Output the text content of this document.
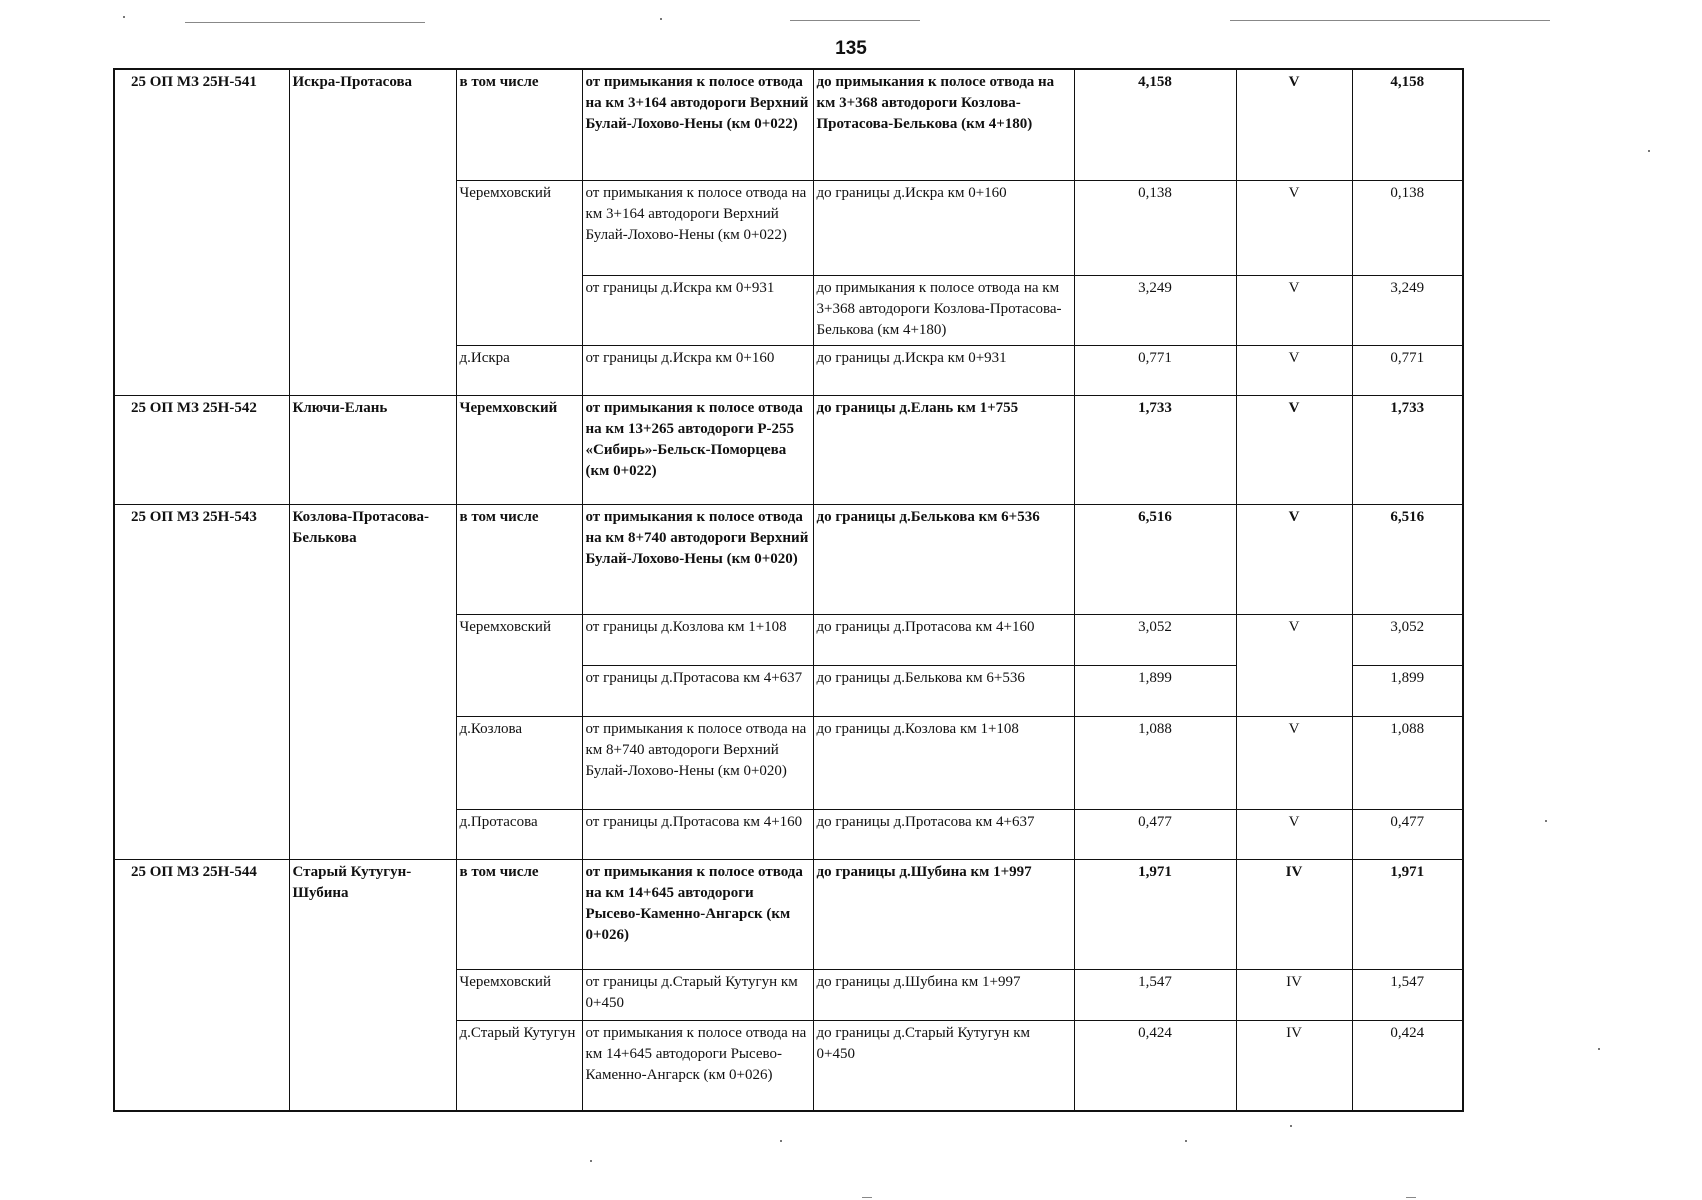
135
25 ОП МЗ 25Н-541	Искра-Протасова	в том числе	от примыкания к полосе отвода на км 3+164 автодороги Верхний Булай-Лохово-Нены (км 0+022)	до примыкания к полосе отвода на км 3+368 автодороги Козлова-Протасова-Белькова (км 4+180)	4,158	V	4,158
		Черемховский	от примыкания к полосе отвода на км 3+164 автодороги Верхний Булай-Лохово-Нены (км 0+022)	до границы д.Искра км 0+160	0,138	V	0,138
			от границы д.Искра км 0+931	до примыкания к полосе отвода на км 3+368 автодороги Козлова-Протасова-Белькова (км 4+180)	3,249	V	3,249
		д.Искра	от границы д.Искра км 0+160	до границы д.Искра км 0+931	0,771	V	0,771
25 ОП МЗ 25Н-542	Ключи-Елань	Черемховский	от примыкания к полосе отвода на км 13+265 автодороги Р-255 «Сибирь»-Бельск-Поморцева (км 0+022)	до границы д.Елань км 1+755	1,733	V	1,733
25 ОП МЗ 25Н-543	Козлова-Протасова-Белькова	в том числе	от примыкания к полосе отвода на км 8+740 автодороги Верхний Булай-Лохово-Нены (км 0+020)	до границы д.Белькова км 6+536	6,516	V	6,516
		Черемховский	от границы д.Козлова км 1+108	до границы д.Протасова км 4+160	3,052	V	3,052
			от границы д.Протасова км 4+637	до границы д.Белькова км 6+536	1,899		1,899
		д.Козлова	от примыкания к полосе отвода на км 8+740 автодороги Верхний Булай-Лохово-Нены (км 0+020)	до границы д.Козлова км 1+108	1,088	V	1,088
		д.Протасова	от границы д.Протасова км 4+160	до границы д.Протасова км 4+637	0,477	V	0,477
25 ОП МЗ 25Н-544	Старый Кутугун-Шубина	в том числе	от примыкания к полосе отвода на км 14+645 автодороги Рысево-Каменно-Ангарск (км 0+026)	до границы д.Шубина км 1+997	1,971	IV	1,971
		Черемховский	от границы д.Старый Кутугун км 0+450	до границы д.Шубина км 1+997	1,547	IV	1,547
		д.Старый Кутугун	от примыкания к полосе отвода на км 14+645 автодороги Рысево-Каменно-Ангарск (км 0+026)	до границы д.Старый Кутугун км 0+450	0,424	IV	0,424
